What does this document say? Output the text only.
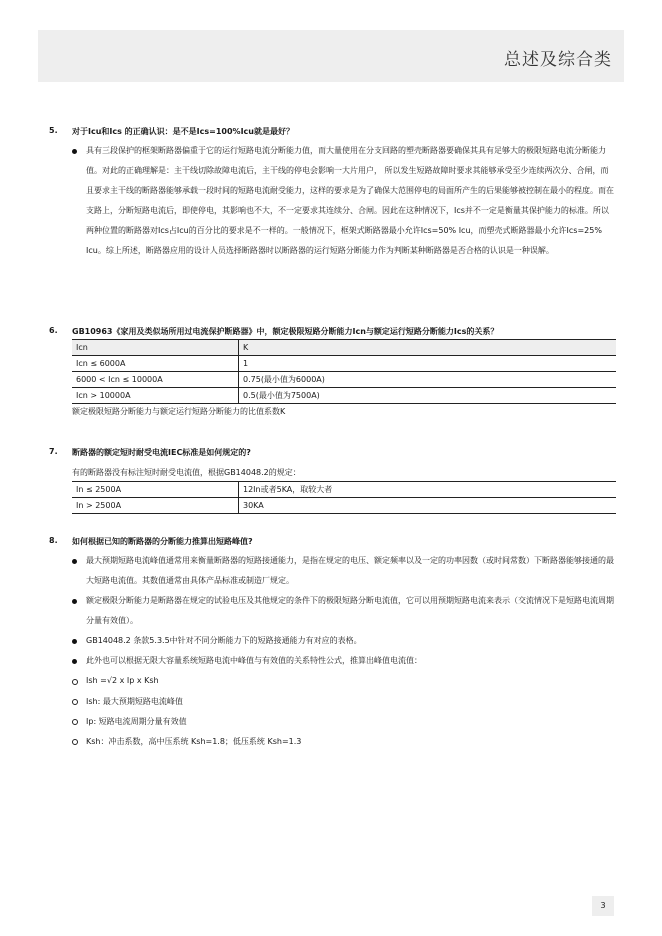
总述及综合类
5. 对于Icu和Ics 的正确认识：是不是Ics=100%Icu就是最好？
具有三段保护的框架断路器偏重于它的运行短路电流分断能力值，而大量使用在分支回路的塑壳断路器要确保其具有足够大的极限短路电流分断能力值。对此的正确理解是：主干线切除故障电流后，主干线的停电会影响一大片用户， 所以发生短路故障时要求其能够承受至少连续两次分、合闸，而且要求主干线的断路器能够承载一段时间的短路电流耐受能力，这样的要求是为了确保大范围停电的局面所产生的后果能够被控制在最小的程度。而在支路上，分断短路电流后，即使停电，其影响也不大，不一定要求其连续分、合闸。因此在这种情况下，Ics并不一定是衡量其保护能力的标准。所以两种位置的断路器对Ics占Icu的百分比的要求是不一样的。一般情况下，框架式断路器最小允许Ics=50% Icu，而塑壳式断路器最小允许Ics=25% Icu。综上所述，断路器应用的设计人员选择断路器时以断路器的运行短路分断能力作为判断某种断路器是否合格的认识是一种误解。
6. GB10963《家用及类似场所用过电流保护断路器》中，额定极限短路分断能力Icn与额定运行短路分断能力Ics的关系？
Icn	K
Icn ≤ 6000A	1
6000 < Icn ≤ 10000A	0.75(最小值为6000A)
Icn > 10000A	0.5(最小值为7500A)
额定极限短路分断能力与额定运行短路分断能力的比值系数K
7. 断路器的额定短时耐受电流IEC标准是如何规定的?
有的断路器没有标注短时耐受电流值，根据GB14048.2的规定：
In ≤ 2500A	12In或者5KA，取较大者
In > 2500A	30KA
8. 如何根据已知的断路器的分断能力推算出短路峰值?
最大预期短路电流峰值通常用来衡量断路器的短路接通能力，是指在规定的电压、额定频率以及一定的功率因数（或时间常数）下断路器能够接通的最大短路电流值。其数值通常由具体产品标准或制造厂规定。
额定极限分断能力是断路器在规定的试验电压及其他规定的条件下的极限短路分断电流值，它可以用预期短路电流来表示（交流情况下是短路电流周期分量有效值）。
GB14048.2 条款5.3.5中针对不同分断能力下的短路接通能力有对应的表格。
此外也可以根据无限大容量系统短路电流中峰值与有效值的关系特性公式，推算出峰值电流值：
Ish =√2 x Ip x Ksh
Ish: 最大预期短路电流峰值
Ip: 短路电流周期分量有效值
Ksh：冲击系数，高中压系统 Ksh=1.8；低压系统 Ksh=1.3
3
